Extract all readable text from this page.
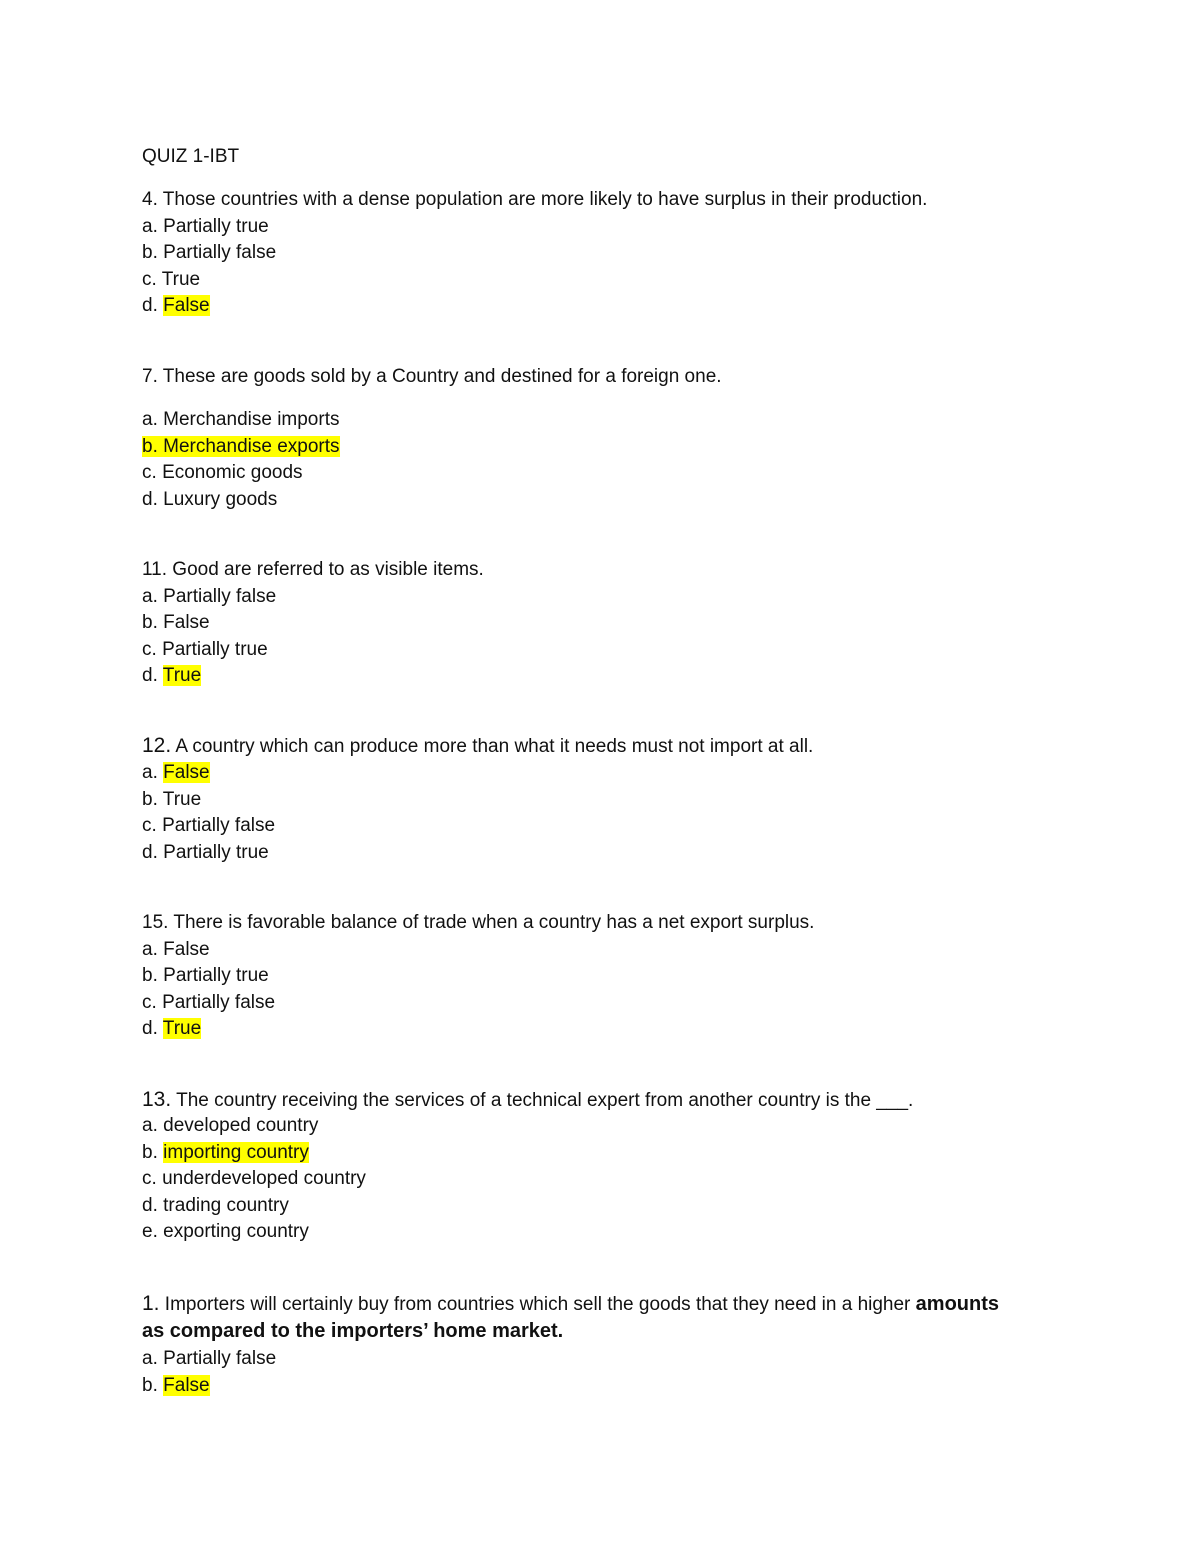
QUIZ 1-IBT
4. Those countries with a dense population are more likely to have surplus in their production.
a. Partially true
b. Partially false
c. True
d. False
7. These are goods sold by a Country and destined for a foreign one.
a. Merchandise imports
b. Merchandise exports
c. Economic goods
d. Luxury goods
11. Good are referred to as visible items.
a. Partially false
b. False
c. Partially true
d. True
12. A country which can produce more than what it needs must not import at all.
a. False
b. True
c. Partially false
d. Partially true
15. There is favorable balance of trade when a country has a net export surplus.
a. False
b. Partially true
c. Partially false
d. True
13. The country receiving the services of a technical expert from another country is the ___.
a. developed country
b. importing country
c. underdeveloped country
d. trading country
e. exporting country
1. Importers will certainly buy from countries which sell the goods that they need in a higher amounts
as compared to the importers’ home market.
a. Partially false
b. False
